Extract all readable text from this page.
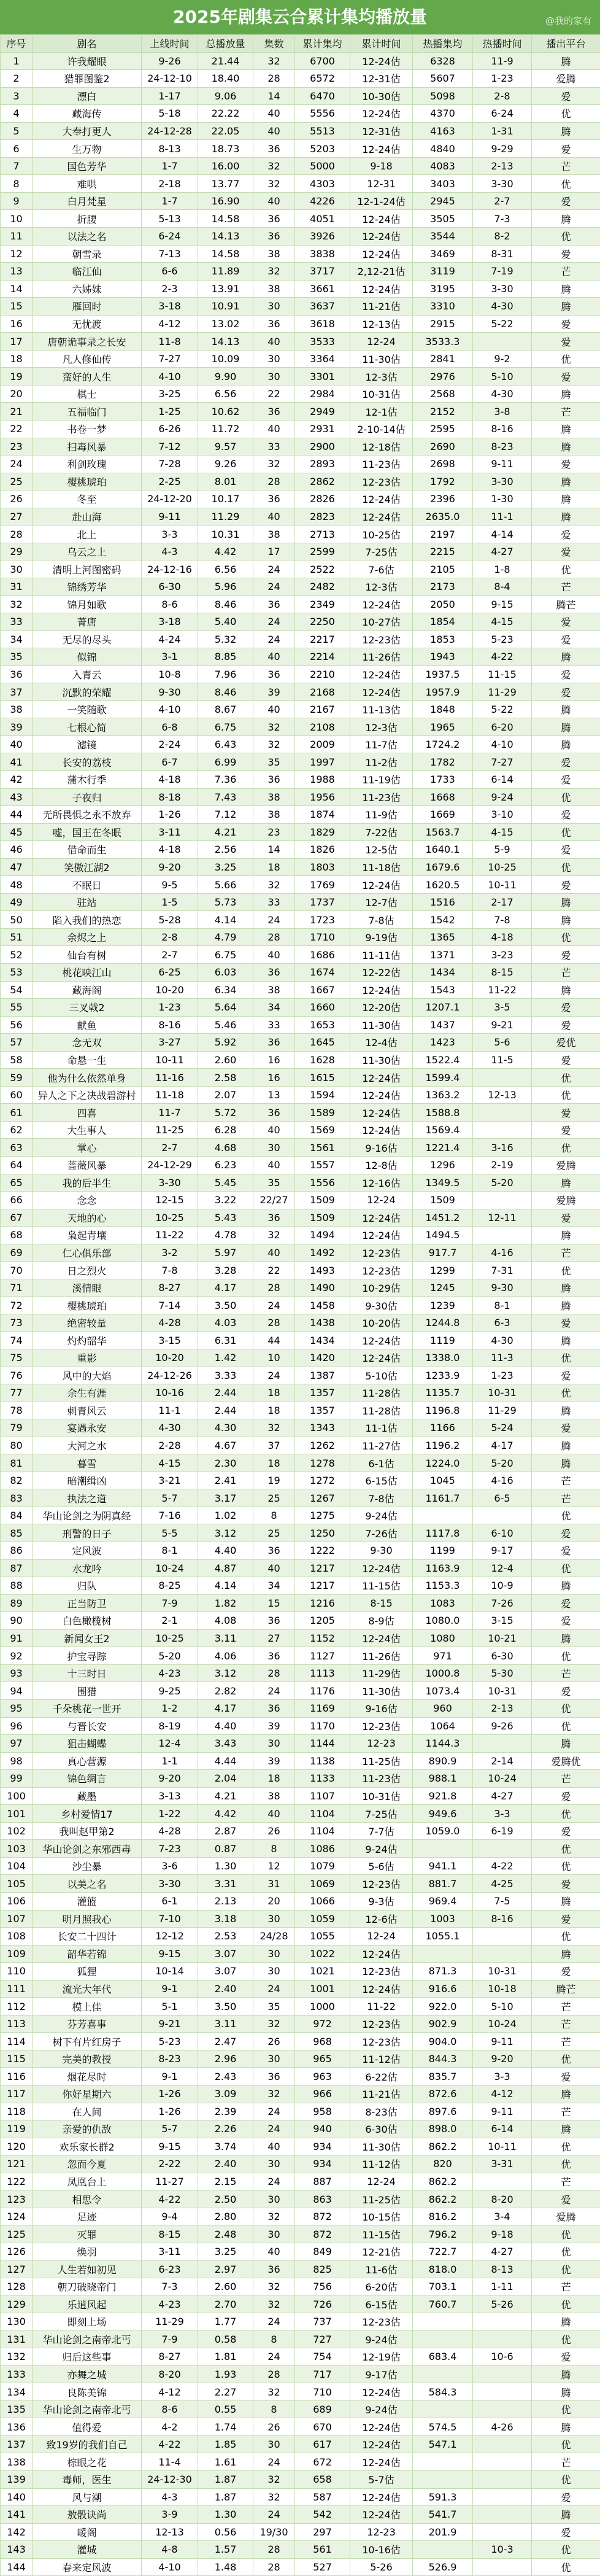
2025年剧集云合累计集均播放量	@我的家有
序号	剧名	上线时间	总播放量	集数	累计集均	累计时间	热播集均	热播时间	播出平台
1	许我耀眼	9-26	21.44	32	6700	12-24估	6328	11-9	腾
2	猎罪图鉴2	24-12-10	18.40	28	6572	12-31估	5607	1-23	爱腾
3	漂白	1-17	9.06	14	6470	10-30估	5098	2-8	爱
4	藏海传	5-18	22.22	40	5556	12-24估	4370	6-24	优
5	大奉打更人	24-12-28	22.05	40	5513	12-31估	4163	1-31	腾
6	生万物	8-13	18.73	36	5203	12-24估	4840	9-29	爱
7	国色芳华	1-7	16.00	32	5000	9-18	4083	2-13	芒
8	难哄	2-18	13.77	32	4303	12-31	3403	3-30	优
9	白月梵星	1-7	16.90	40	4226	12-1-24估	2945	2-7	爱
10	折腰	5-13	14.58	36	4051	12-24估	3505	7-3	腾
11	以法之名	6-24	14.13	36	3926	12-24估	3544	8-2	优
12	朝雪录	7-13	14.58	38	3838	12-24估	3469	8-31	爱
13	临江仙	6-6	11.89	32	3717	2,12-21估	3119	7-19	芒
14	六姊妹	2-3	13.91	38	3661	12-24估	3195	3-30	腾
15	雁回时	3-18	10.91	30	3637	11-21估	3310	4-30	腾
16	无忧渡	4-12	13.02	36	3618	12-13估	2915	5-22	爱
17	唐朝诡事录之长安	11-8	14.13	40	3533	12-24	3533.3		爱
18	凡人修仙传	7-27	10.09	30	3364	11-30估	2841	9-2	优
19	蛮好的人生	4-10	9.90	30	3301	12-3估	2976	5-10	爱
20	棋士	3-25	6.56	22	2984	10-31估	2568	4-30	腾
21	五福临门	1-25	10.62	36	2949	12-1估	2152	3-8	芒
22	书卷一梦	6-26	11.72	40	2931	2-10-14估	2595	8-16	腾
23	扫毒风暴	7-12	9.57	33	2900	12-18估	2690	8-23	腾
24	利剑玫瑰	7-28	9.26	32	2893	11-23估	2698	9-11	爱
25	樱桃琥珀	2-25	8.01	28	2862	12-23估	1792	3-30	腾
26	冬至	24-12-20	10.17	36	2826	12-24估	2396	1-30	腾
27	赴山海	9-11	11.29	40	2823	12-24估	2635.0	11-1	腾
28	北上	3-3	10.31	38	2713	10-25估	2197	4-14	爱
29	乌云之上	4-3	4.42	17	2599	7-25估	2215	4-27	爱
30	清明上河图密码	24-12-16	6.56	24	2522	7-6估	2105	1-8	优
31	锦绣芳华	6-30	5.96	24	2482	12-3估	2173	8-4	芒
32	锦月如歌	8-6	8.46	36	2349	12-24估	2050	9-15	腾芒
33	菁唐	3-18	5.40	24	2250	10-27估	1854	4-15	爱
34	无尽的尽头	4-24	5.32	24	2217	12-23估	1853	5-23	爱
35	似锦	3-1	8.85	40	2214	11-26估	1943	4-22	腾
36	入青云	10-8	7.96	36	2210	12-24估	1937.5	11-15	爱
37	沉默的荣耀	9-30	8.46	39	2168	12-24估	1957.9	11-29	爱
38	一笑随歌	4-10	8.67	40	2167	11-13估	1848	5-22	腾
39	七根心简	6-8	6.75	32	2108	12-3估	1965	6-20	腾
40	滤镜	2-24	6.43	32	2009	11-7估	1724.2	4-10	腾
41	长安的荔枝	6-7	6.99	35	1997	11-2估	1782	7-27	爱
42	蒲木行季	4-18	7.36	36	1988	11-19估	1733	6-14	爱
43	子夜归	8-18	7.43	38	1956	11-23估	1668	9-24	优
44	无所畏惧之永不放弃	1-26	7.12	38	1874	11-9估	1669	3-10	爱
45	嘘，国王在冬眠	3-11	4.21	23	1829	7-22估	1563.7	4-15	优
46	借命而生	4-18	2.56	14	1826	12-5估	1640.1	5-9	爱
47	笑傲江湖2	9-20	3.25	18	1803	11-18估	1679.6	10-25	优
48	不眠日	9-5	5.66	32	1769	12-24估	1620.5	10-11	爱
49	驻站	1-5	5.73	33	1737	12-7估	1516	2-17	腾
50	陷入我们的热恋	5-28	4.14	24	1723	7-8估	1542	7-8	腾
51	余烬之上	2-8	4.79	28	1710	9-19估	1365	4-18	优
52	仙台有树	2-7	6.75	40	1686	11-11估	1371	3-23	爱
53	桃花映江山	6-25	6.03	36	1674	12-22估	1434	8-15	芒
54	藏海阁	10-20	6.34	38	1667	12-24估	1543	11-22	腾
55	三叉戟2	1-23	5.64	34	1660	12-20估	1207.1	3-5	爱
56	献鱼	8-16	5.46	33	1653	11-30估	1437	9-21	爱
57	念无双	3-27	5.92	36	1645	12-4估	1423	5-6	爱优
58	命悬一生	10-11	2.60	16	1628	11-30估	1522.4	11-5	爱
59	他为什么依然单身	11-16	2.58	16	1615	12-24估	1599.4		优
60	异人之下之决战碧游村	11-18	2.07	13	1594	12-24估	1363.2	12-13	优
61	四喜	11-7	5.72	36	1589	12-24估	1588.8		爱
62	大生事人	11-25	6.28	40	1569	12-24估	1569.4		爱
63	掌心	2-7	4.68	30	1561	9-16估	1221.4	3-16	优
64	蔷薇风暴	24-12-29	6.23	40	1557	12-8估	1296	2-19	爱腾
65	我的后半生	3-30	5.45	35	1556	12-16估	1349.5	5-20	腾
66	念念	12-15	3.22	22/27	1509	12-24	1509		爱腾
67	天地的心	10-25	5.43	36	1509	12-24估	1451.2	12-11	爱
68	枭起青壤	11-22	4.78	32	1494	12-24估	1494.5		腾
69	仁心俱乐部	3-2	5.97	40	1492	12-23估	917.7	4-16	芒
70	日之烈火	7-8	3.28	22	1493	12-23估	1299	7-31	优
71	溪情眼	8-27	4.17	28	1490	10-29估	1245	9-30	腾
72	樱桃琥珀	7-14	3.50	24	1458	9-30估	1239	8-1	腾
73	绝密较量	4-28	4.03	28	1438	10-20估	1244.8	6-3	爱
74	灼灼韶华	3-15	6.31	44	1434	12-24估	1119	4-30	腾
75	重影	10-20	1.42	10	1420	12-24估	1338.0	11-3	优
76	风中的大焰	24-12-26	3.33	24	1387	5-10估	1233.9	1-23	爱
77	余生有涯	10-16	2.44	18	1357	11-28估	1135.7	10-31	优
78	刺青风云	11-1	2.44	18	1357	11-28估	1196.8	11-29	腾
79	宴遇永安	4-30	4.30	32	1343	11-1估	1166	5-24	爱
80	大河之水	2-28	4.67	37	1262	11-27估	1196.2	4-17	腾
81	暮雪	4-15	2.30	18	1278	6-1估	1224.0	5-20	腾
82	暗潮缉凶	3-21	2.41	19	1272	6-15估	1045	4-16	芒
83	执法之道	5-7	3.17	25	1267	7-8估	1161.7	6-5	芒
84	华山论剑之为阴真经	7-16	1.02	8	1275	9-24估			优
85	刑警的日子	5-5	3.12	25	1250	7-26估	1117.8	6-10	爱
86	定风波	8-1	4.40	36	1222	9-30	1199	9-17	爱
87	水龙吟	10-24	4.87	40	1217	12-24估	1163.9	12-4	优
88	归队	8-25	4.14	34	1217	11-15估	1153.3	10-9	腾
89	正当防卫	7-9	1.82	15	1216	8-15	1083	7-26	爱
90	白色橄榄树	2-1	4.08	36	1205	8-9估	1080.0	3-15	爱
91	新闻女王2	10-25	3.11	27	1152	12-24估	1080	10-21	腾
92	护宝寻踪	5-20	4.06	36	1127	11-26估	971	6-30	优
93	十三时日	4-23	3.12	28	1113	11-29估	1000.8	5-30	芒
94	围猎	9-25	2.82	24	1176	11-30估	1073.4	10-31	爱
95	千朵桃花一世开	1-2	4.17	36	1169	9-16估	960	2-13	优
96	与晋长安	8-19	4.40	39	1170	12-23估	1064	9-26	优
97	狙击蝴蝶	12-4	3.43	30	1144	12-23	1144.3		腾
98	真心营源	1-1	4.44	39	1138	11-25估	890.9	2-14	爱腾优
99	锦色绸言	9-20	2.04	18	1133	11-23估	988.1	10-24	芒
100	藏墨	3-13	4.21	38	1107	10-31估	921.8	4-27	爱
101	乡村爱情17	1-22	4.42	40	1104	7-25估	949.6	3-3	优
102	我叫赵甲第2	4-28	2.87	26	1104	7-7估	1059.0	6-19	爱
103	华山论剑之东邪西毒	7-23	0.87	8	1086	9-24估			优
104	沙尘暴	3-6	1.30	12	1079	5-6估	941.1	4-22	优
105	以美之名	3-30	3.31	31	1069	12-23估	881.7	4-25	爱
106	灌篮	6-1	2.13	20	1066	9-3估	969.4	7-5	腾
107	明月照我心	7-10	3.18	30	1059	12-6估	1003	8-16	爱
108	长安二十四计	12-12	2.53	24/28	1055	12-24	1055.1		优
109	韶华若锦	9-15	3.07	30	1022	12-24估			腾
110	狐狸	10-14	3.07	30	1021	12-23估	871.3	10-31	爱
111	流光大年代	9-1	2.40	24	1001	12-24估	916.6	10-18	腾芒
112	模上佳	5-1	3.50	35	1000	11-22	922.0	5-10	芒
113	芬芳喜事	9-21	3.11	32	972	12-23估	902.9	10-24	芒
114	树下有片红房子	5-23	2.47	26	968	12-23估	904.0	9-11	芒
115	完美的教授	8-23	2.96	30	965	11-12估	844.3	9-20	优
116	烟花尽时	9-1	2.43	36	963	6-22估	835.7	3-3	爱
117	你好星期六	1-26	3.09	32	966	11-21估	872.6	4-12	腾
118	在人间	1-26	2.39	24	958	8-23估	897.6	9-11	芒
119	亲爱的仇敌	5-7	2.26	24	940	6-30估	898.0	6-14	腾
120	欢乐家长群2	9-15	3.74	40	934	11-30估	862.2	10-11	优
121	忽而今夏	2-22	2.40	30	934	11-12估	820	3-31	优
122	凤凰台上	11-27	2.15	24	887	12-24	862.2		芒
123	相思令	4-22	2.50	30	863	11-25估	862.2	8-20	爱
124	足迹	9-4	2.80	32	872	10-15估	816.2	3-4	爱腾
125	灭罪	8-15	2.48	30	872	11-15估	796.2	9-18	优
126	焕羽	3-11	3.25	40	849	12-21估	722.7	4-27	优
127	人生若如初见	6-23	2.97	36	825	11-6估	818.0	8-13	优
128	朝刀破晓帝门	7-3	2.60	32	756	6-20估	703.1	1-11	芒
129	乐逍风起	4-23	2.70	32	726	6-15估	760.7	5-26	优
130	即刻上场	11-29	1.77	24	737	12-23估			腾
131	华山论剑之南帝北丐	7-9	0.58	8	727	9-24估			优
132	归后这些事	8-27	1.81	24	754	12-19估	683.4	10-6	爱
133	亦舞之城	8-20	1.93	28	717	9-17估			腾
134	良陈美锦	4-12	2.27	32	710	12-24估	584.3		腾
135	华山论剑之南帝北丐	8-6	0.55	8	689	9-24估			优
136	值得爱	4-2	1.74	26	670	12-24估	574.5	4-26	腾
137	致19岁的我们自己	4-22	1.85	30	617	12-24估	547.1		优
138	棕眼之花	11-4	1.61	24	672	12-24估			芒
139	毒师，医生	24-12-30	1.87	32	658	5-7估			优
140	风与潮	4-3	1.87	32	587	12-24估	591.3		爱
141	敖骰诀尚	3-9	1.30	24	542	12-24估	541.7		腾
142	暖阁	12-13	0.56	19/30	297	12-23	201.9		爱
143	灌城	4-8	1.57	28	561	10-16估		10-3	优
144	春来定风波	4-10	1.48	28	527	5-26	526.9		优
